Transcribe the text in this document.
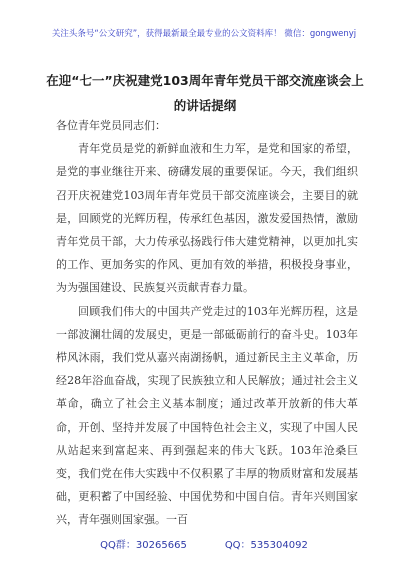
关注头条号“公文研究”，获得最新最全最专业的公文资料库！ 微信：gongwenyj
在迎“七一”庆祝建党103周年青年党员干部交流座谈会上
的讲话提纲

各位青年党员同志们：

青年党员是党的新鲜血液和生力军，是党和国家的希望，是党的事业继往开来、磅礴发展的重要保证。今天，我们组织召开庆祝建党103周年青年党员干部交流座谈会，主要目的就是，回顾党的光辉历程，传承红色基因，激发爱国热情，激励青年党员干部，大力传承弘扬践行伟大建党精神，以更加扎实的工作、更加务实的作风、更加有效的举措，积极投身事业，为为强国建设、民族复兴贡献青春力量。

回顾我们伟大的中国共产党走过的103年光辉历程，这是一部波澜壮阔的发展史，更是一部砥砺前行的奋斗史。103年栉风沐雨，我们党从嘉兴南湖扬帆，通过新民主主义革命，历经28年浴血奋战，实现了民族独立和人民解放；通过社会主义革命，确立了社会主义基本制度；通过改革开放新的伟大革命，开创、坚持并发展了中国特色社会主义，实现了中国人民从站起来到富起来、再到强起来的伟大飞跃。103年沧桑巨变，我们党在伟大实践中不仅积累了丰厚的物质财富和发展基础，更积蓄了中国经验、中国优势和中国自信。青年兴则国家兴，青年强则国家强。一百

QQ群：30265665	QQ：535304092
